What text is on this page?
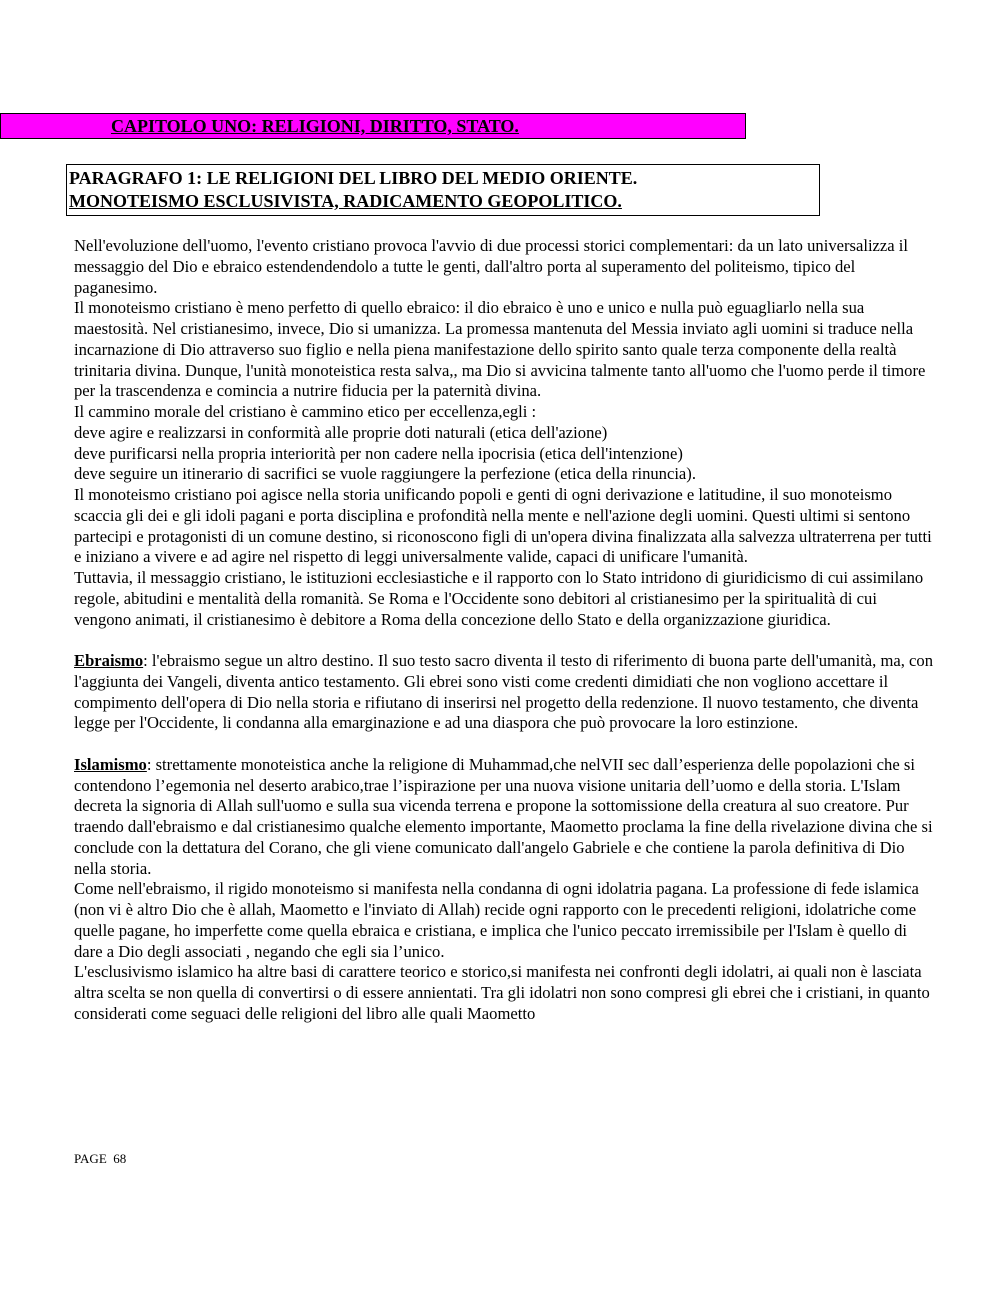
CAPITOLO UNO: RELIGIONI, DIRITTO, STATO.
PARAGRAFO 1: LE RELIGIONI DEL LIBRO DEL MEDIO ORIENTE.
MONOTEISMO ESCLUSIVISTA, RADICAMENTO GEOPOLITICO.

Nell'evoluzione dell'uomo, l'evento cristiano provoca l'avvio di due processi storici complementari: da un lato universalizza il messaggio del Dio e ebraico estendendendolo a tutte le genti, dall'altro porta al superamento del politeismo, tipico del paganesimo.

Il monoteismo cristiano è meno perfetto di quello ebraico: il dio ebraico è uno e unico e nulla può eguagliarlo nella sua maestosità. Nel cristianesimo, invece, Dio si umanizza. La promessa mantenuta del Messia inviato agli uomini si traduce nella incarnazione di Dio attraverso suo figlio e nella piena manifestazione dello spirito santo quale terza componente della realtà trinitaria divina. Dunque, l'unità monoteistica resta salva,, ma Dio si avvicina talmente tanto all'uomo che l'uomo perde il timore per la trascendenza e comincia a nutrire fiducia per la paternità divina.

Il cammino morale del cristiano è cammino etico per eccellenza,egli :

deve agire e realizzarsi in conformità alle proprie doti naturali (etica dell'azione)

deve purificarsi nella propria interiorità per non cadere nella ipocrisia (etica dell'intenzione)

deve seguire un itinerario di sacrifici se vuole raggiungere la perfezione (etica della rinuncia).

Il monoteismo cristiano poi agisce nella storia unificando popoli e genti di ogni derivazione e latitudine, il suo monoteismo scaccia gli dei e gli idoli pagani e porta disciplina e profondità nella mente e nell'azione degli uomini. Questi ultimi si sentono partecipi e protagonisti di un comune destino, si riconoscono figli di un'opera divina finalizzata alla salvezza ultraterrena per tutti e iniziano a vivere e ad agire nel rispetto di leggi universalmente valide, capaci di unificare l'umanità.

Tuttavia, il messaggio cristiano, le istituzioni ecclesiastiche e il rapporto con lo Stato intridono di giuridicismo di cui assimilano regole, abitudini e mentalità della romanità. Se Roma e l'Occidente sono debitori al cristianesimo per la spiritualità di cui vengono animati, il cristianesimo è debitore a Roma della concezione dello Stato e della organizzazione giuridica.

Ebraismo: l'ebraismo segue un altro destino. Il suo testo sacro diventa il testo di riferimento di buona parte dell'umanità, ma, con l'aggiunta dei Vangeli, diventa antico testamento. Gli ebrei sono visti come credenti dimidiati che non vogliono accettare il compimento dell'opera di Dio nella storia e rifiutano di inserirsi nel progetto della redenzione. Il nuovo testamento, che diventa legge per l'Occidente, li condanna alla emarginazione e ad una diaspora che può provocare la loro estinzione.

Islamismo: strettamente monoteistica anche la religione di Muhammad,che nelVII sec dall’esperienza delle popolazioni che si contendono l’egemonia nel deserto arabico,trae l’ispirazione per una nuova visione unitaria dell’uomo e della storia. L'Islam decreta la signoria di Allah sull'uomo e sulla sua vicenda terrena e propone la sottomissione della creatura al suo creatore. Pur traendo dall'ebraismo e dal cristianesimo qualche elemento importante, Maometto proclama la fine della rivelazione divina che si conclude con la dettatura del Corano, che gli viene comunicato dall'angelo Gabriele e che contiene la parola definitiva di Dio nella storia.

Come nell'ebraismo, il rigido monoteismo si manifesta nella condanna di ogni idolatria pagana. La professione di fede islamica (non vi è altro Dio che è allah, Maometto e l'inviato di Allah) recide ogni rapporto con le precedenti religioni, idolatriche come quelle pagane, ho imperfette come quella ebraica e cristiana, e implica che l'unico peccato irremissibile per l'Islam è quello di dare a Dio degli associati , negando che egli sia l’unico.

L'esclusivismo islamico ha altre basi di carattere teorico e storico,si manifesta nei confronti degli idolatri, ai quali non è lasciata altra scelta se non quella di convertirsi o di essere annientati. Tra gli idolatri non sono compresi gli ebrei che i cristiani, in quanto considerati come seguaci delle religioni del libro alle quali Maometto

PAGE  68
